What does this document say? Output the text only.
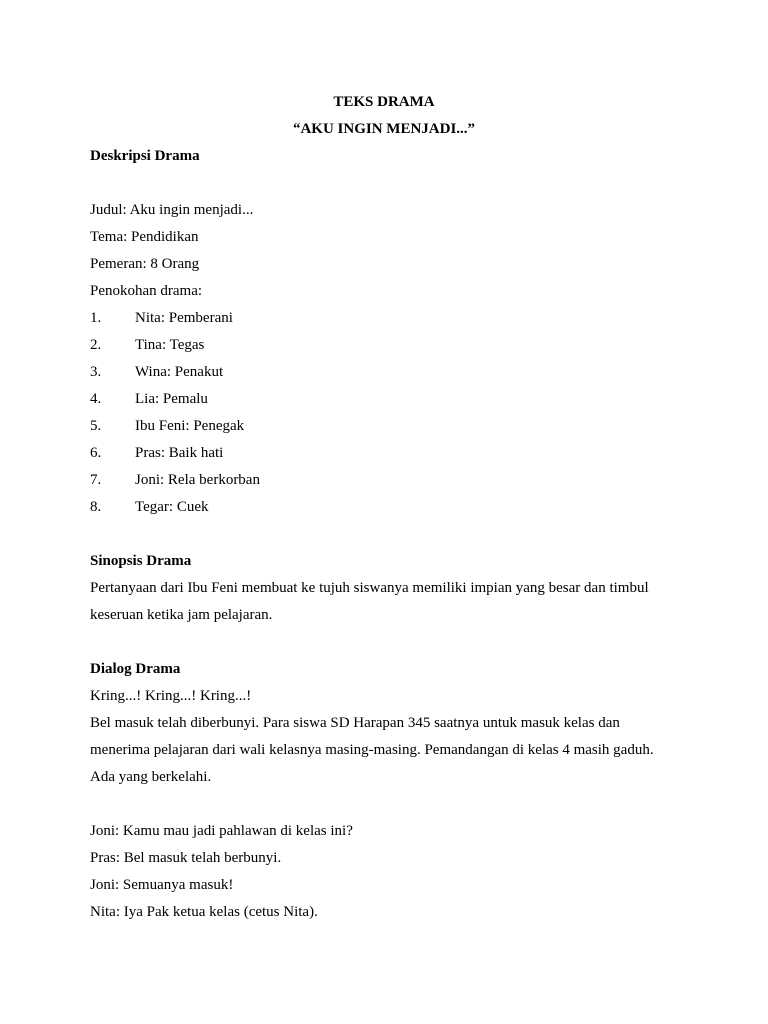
TEKS DRAMA
“AKU INGIN MENJADI...”
Deskripsi Drama
Judul: Aku ingin menjadi...
Tema: Pendidikan
Pemeran: 8 Orang
Penokohan drama:
1.	Nita: Pemberani
2.	Tina: Tegas
3.	Wina: Penakut
4.	Lia: Pemalu
5.	Ibu Feni: Penegak
6.	Pras: Baik hati
7.	Joni: Rela berkorban
8.	Tegar: Cuek
Sinopsis Drama
Pertanyaan dari Ibu Feni membuat ke tujuh siswanya memiliki impian yang besar dan timbul
keseruan ketika jam pelajaran.
Dialog Drama
Kring...! Kring...! Kring...!
Bel masuk telah diberbunyi. Para siswa SD Harapan 345 saatnya untuk masuk kelas dan
menerima pelajaran dari wali kelasnya masing-masing. Pemandangan di kelas 4 masih gaduh.
Ada yang berkelahi.
Joni: Kamu mau jadi pahlawan di kelas ini?
Pras: Bel masuk telah berbunyi.
Joni: Semuanya masuk!
Nita: Iya Pak ketua kelas (cetus Nita).
